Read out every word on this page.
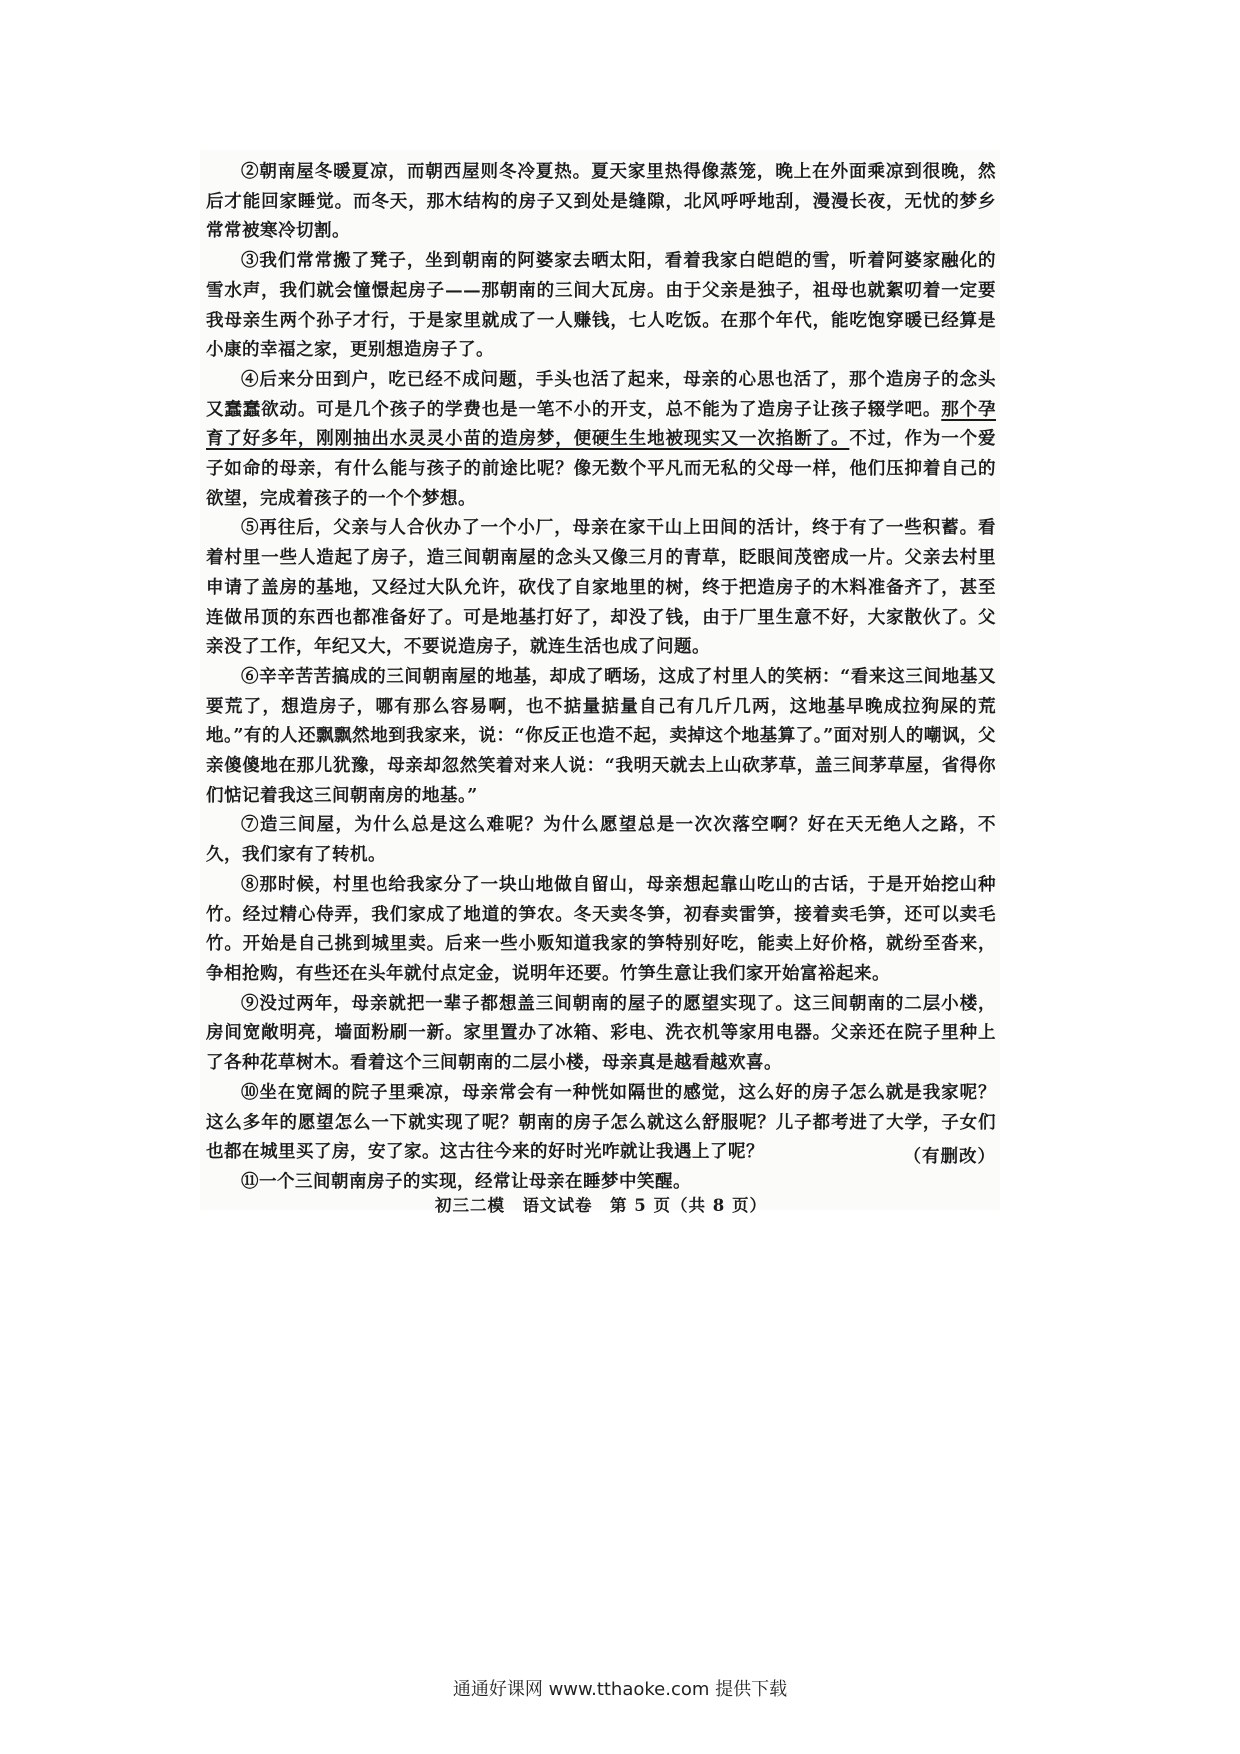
②朝南屋冬暖夏凉，而朝西屋则冬冷夏热。夏天家里热得像蒸笼，晚上在外面乘凉到很晚，然后才能回家睡觉。而冬天，那木结构的房子又到处是缝隙，北风呼呼地刮，漫漫长夜，无忧的梦乡常常被寒冷切割。

③我们常常搬了凳子，坐到朝南的阿婆家去晒太阳，看着我家白皑皑的雪，听着阿婆家融化的雪水声，我们就会憧憬起房子——那朝南的三间大瓦房。由于父亲是独子，祖母也就絮叨着一定要我母亲生两个孙子才行，于是家里就成了一人赚钱，七人吃饭。在那个年代，能吃饱穿暖已经算是小康的幸福之家，更别想造房子了。

④后来分田到户，吃已经不成问题，手头也活了起来，母亲的心思也活了，那个造房子的念头又蠢蠢欲动。可是几个孩子的学费也是一笔不小的开支，总不能为了造房子让孩子辍学吧。那个孕育了好多年，刚刚抽出水灵灵小苗的造房梦，便硬生生地被现实又一次掐断了。不过，作为一个爱子如命的母亲，有什么能与孩子的前途比呢？像无数个平凡而无私的父母一样，他们压抑着自己的欲望，完成着孩子的一个个梦想。

⑤再往后，父亲与人合伙办了一个小厂，母亲在家干山上田间的活计，终于有了一些积蓄。看着村里一些人造起了房子，造三间朝南屋的念头又像三月的青草，眨眼间茂密成一片。父亲去村里申请了盖房的基地，又经过大队允许，砍伐了自家地里的树，终于把造房子的木料准备齐了，甚至连做吊顶的东西也都准备好了。可是地基打好了，却没了钱，由于厂里生意不好，大家散伙了。父亲没了工作，年纪又大，不要说造房子，就连生活也成了问题。

⑥辛辛苦苦搞成的三间朝南屋的地基，却成了晒场，这成了村里人的笑柄：“看来这三间地基又要荒了，想造房子，哪有那么容易啊，也不掂量掂量自己有几斤几两，这地基早晚成拉狗屎的荒地。”有的人还飘飘然地到我家来，说：“你反正也造不起，卖掉这个地基算了。”面对别人的嘲讽，父亲傻傻地在那儿犹豫，母亲却忽然笑着对来人说：“我明天就去上山砍茅草，盖三间茅草屋，省得你们惦记着我这三间朝南房的地基。”

⑦造三间屋，为什么总是这么难呢？为什么愿望总是一次次落空啊？好在天无绝人之路，不久，我们家有了转机。

⑧那时候，村里也给我家分了一块山地做自留山，母亲想起靠山吃山的古话，于是开始挖山种竹。经过精心侍弄，我们家成了地道的笋农。冬天卖冬笋，初春卖雷笋，接着卖毛笋，还可以卖毛竹。开始是自己挑到城里卖。后来一些小贩知道我家的笋特别好吃，能卖上好价格，就纷至沓来，争相抢购，有些还在头年就付点定金，说明年还要。竹笋生意让我们家开始富裕起来。

⑨没过两年，母亲就把一辈子都想盖三间朝南的屋子的愿望实现了。这三间朝南的二层小楼，房间宽敞明亮，墙面粉刷一新。家里置办了冰箱、彩电、洗衣机等家用电器。父亲还在院子里种上了各种花草树木。看着这个三间朝南的二层小楼，母亲真是越看越欢喜。

⑩坐在宽阔的院子里乘凉，母亲常会有一种恍如隔世的感觉，这么好的房子怎么就是我家呢？这么多年的愿望怎么一下就实现了呢？朝南的房子怎么就这么舒服呢？儿子都考进了大学，子女们也都在城里买了房，安了家。这古往今来的好时光咋就让我遇上了呢？

⑪一个三间朝南房子的实现，经常让母亲在睡梦中笑醒。

（有删改）
初三二模　语文试卷　第 5 页（共 8 页）
通通好课网 www.tthaoke.com 提供下载
